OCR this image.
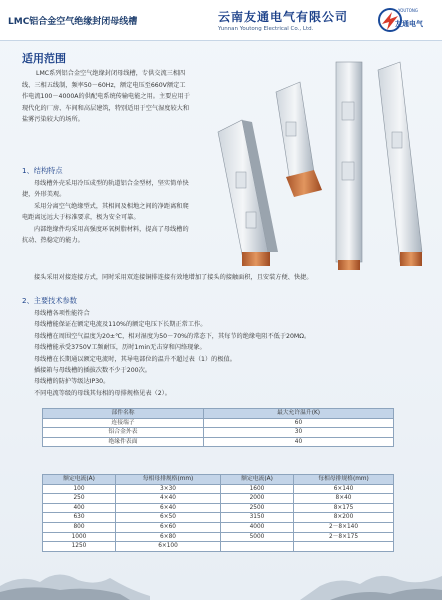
LMC铝合金空气绝缘封闭母线槽	云南友通电气有限公司
Yunnan Youtong Electrical Co., Ltd.
YOUTONG
友通电气
适用范围

LMC系列铝合金空气绝缘封闭母线槽，专供交流三相四线、三相五线制，频率50－60Hz，额定电压至660V额定工作电流100－4000A的供配电系统传输电能之用。主要应用于现代化的厂房、车间和高层建筑，特别适用于空气湿度较大和盐雾污染较大的场所。

1、结构特点

母线槽外壳采用冷压成型的轨道铝合金型材，坚实简单快捷，外形美观。

采用分离空气绝缘型式，其相间及相地之间的净距离和爬电距离远远大于标准要求，极为安全可靠。

内部绝缘件均采用高强度环氧树脂材料，提高了母线槽的抗动、热稳定的能力。

接头采用对接连接方式，同时采用双连接铜排连接有效地增加了接头的接触面积，且安装方便、快捷。

2、主要技术参数

母线槽各项性能符合

母线槽能保证在额定电流及110%的额定电压下长期正常工作。

母线槽在周围空气温度为20±℃，相对湿度为50－70%的常态下，其每节的绝缘电阻不低于20MΩ。

母线槽能承受3750V工频耐压，历时1min无击穿和闪络现象。

母线槽在长期通以额定电流时，其导电部位的温升不超过表（1）的极值。

插接箱与母线槽的插拔次数不少于200次。

母线槽的防护等级达IP30。

不同电流等级的母线其每相的母排规格见表（2）。

部件名称	最大允许温升(K)
连接端子	60
铝合金外表	30
绝缘件表面	40
额定电流(A)	每相母排规格(mm)	额定电流(A)	每相母排规格(mm)
100	3×30	1600	6×140
250	4×40	2000	8×40
400	6×40	2500	8×175
630	6×50	3150	8×200
800	6×60	4000	2－8×140
1000	6×80	5000	2－8×175
1250	6×100		
